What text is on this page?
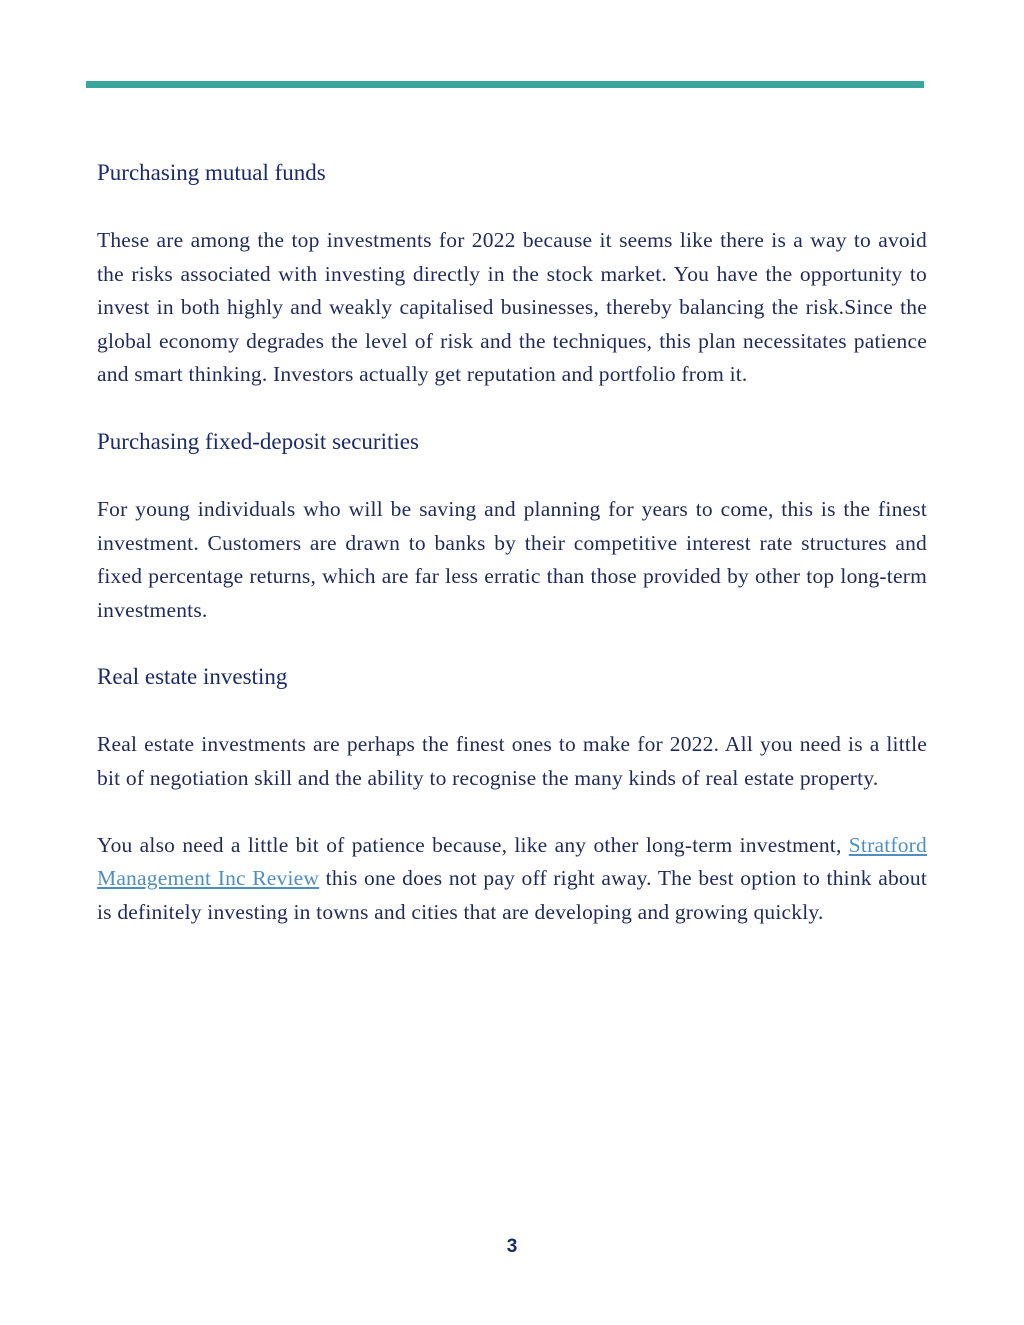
Purchasing mutual funds

These are among the top investments for 2022 because it seems like there is a way to avoid the risks associated with investing directly in the stock market. You have the opportunity to invest in both highly and weakly capitalised businesses, thereby balancing the risk.Since the global economy degrades the level of risk and the techniques, this plan necessitates patience and smart thinking. Investors actually get reputation and portfolio from it.

Purchasing fixed-deposit securities

For young individuals who will be saving and planning for years to come, this is the finest investment. Customers are drawn to banks by their competitive interest rate structures and fixed percentage returns, which are far less erratic than those provided by other top long-term investments.

Real estate investing

Real estate investments are perhaps the finest ones to make for 2022. All you need is a little bit of negotiation skill and the ability to recognise the many kinds of real estate property.

You also need a little bit of patience because, like any other long-term investment, Stratford Management Inc Review this one does not pay off right away. The best option to think about is definitely investing in towns and cities that are developing and growing quickly.

3
